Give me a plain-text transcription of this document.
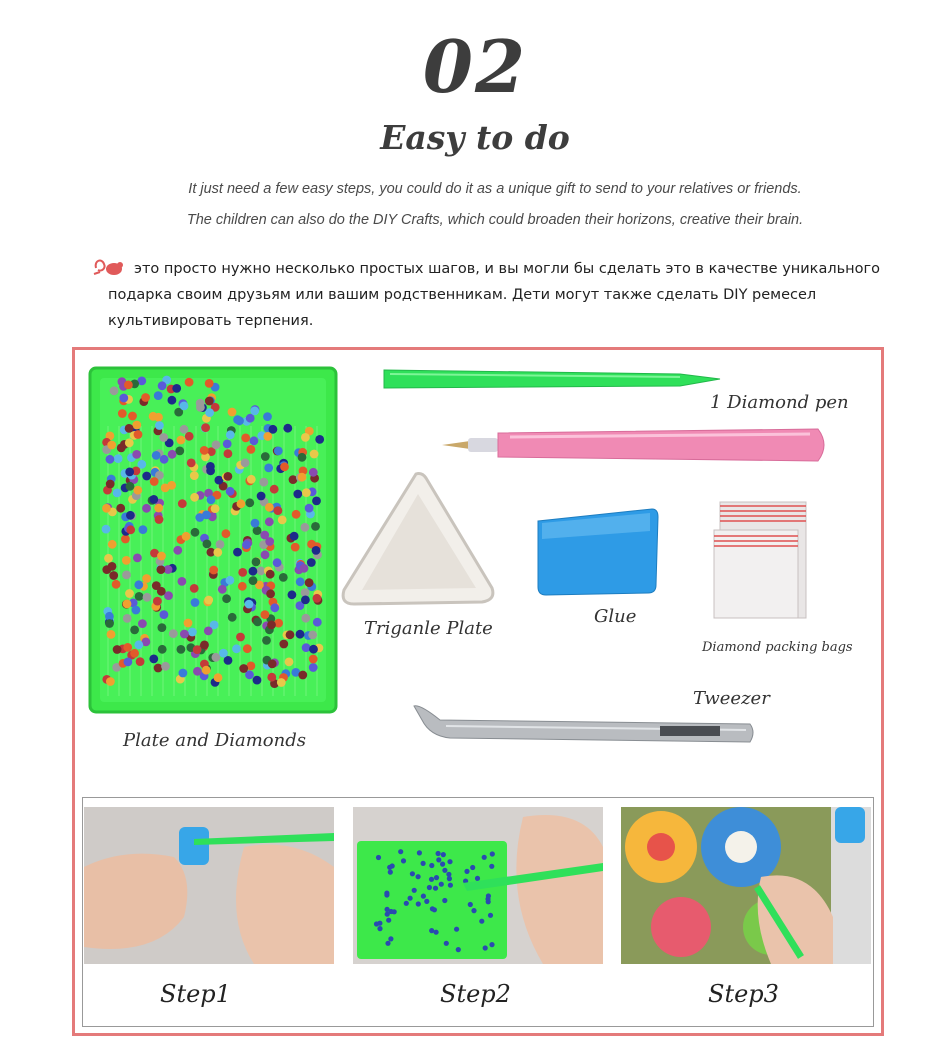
02
Easy to do
It just need a few easy steps, you could do it as a unique gift to send to your relatives or friends.
The children can also do the DIY Crafts, which could broaden their horizons, creative their brain.
это просто нужно несколько простых шагов, и вы могли бы сделать это в качестве уникального
подарка своим друзьям или вашим родственникам. Дети могут также сделать DIY ремесел
культивировать терпения.
Plate and Diamonds
1 Diamond pen
Triganle Plate
Glue
Diamond packing bags
Tweezer
Step1	Step2	Step3
